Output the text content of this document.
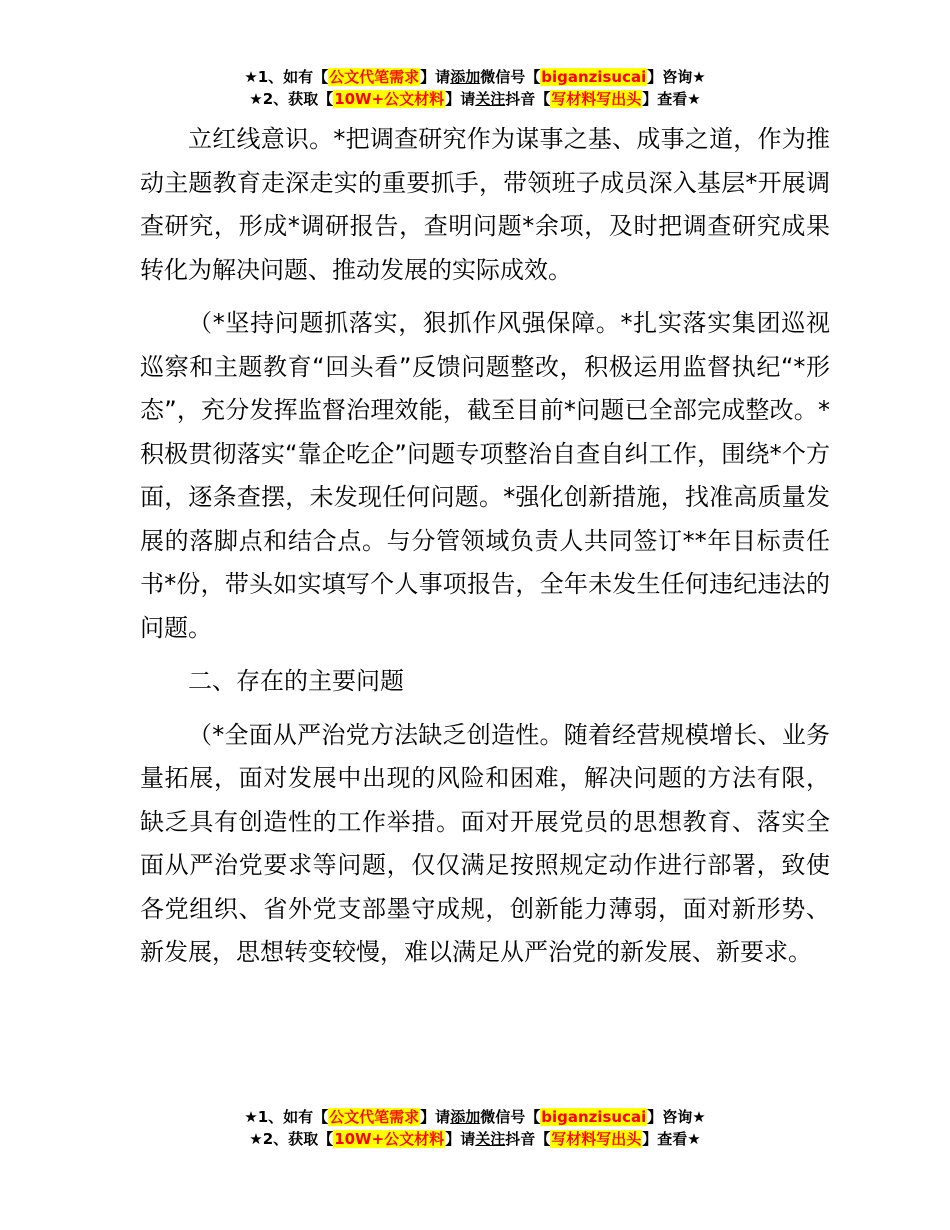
★1、如有【公文代笔需求】请添加微信号【biganzisucai】咨询★
★2、获取【10W+公文材料】请关注抖音【写材料写出头】查看★

立红线意识。*把调查研究作为谋事之基、成事之道，作为推动主题教育走深走实的重要抓手，带领班子成员深入基层*开展调查研究，形成*调研报告，查明问题*余项，及时把调查研究成果转化为解决问题、推动发展的实际成效。

（*坚持问题抓落实，狠抓作风强保障。*扎实落实集团巡视巡察和主题教育“回头看”反馈问题整改，积极运用监督执纪“*形态”，充分发挥监督治理效能，截至目前*问题已全部完成整改。*积极贯彻落实“靠企吃企”问题专项整治自查自纠工作，围绕*个方面，逐条查摆，未发现任何问题。*强化创新措施，找准高质量发展的落脚点和结合点。与分管领域负责人共同签订**年目标责任书*份，带头如实填写个人事项报告，全年未发生任何违纪违法的问题。

二、存在的主要问题

（*全面从严治党方法缺乏创造性。随着经营规模增长、业务量拓展，面对发展中出现的风险和困难，解决问题的方法有限，缺乏具有创造性的工作举措。面对开展党员的思想教育、落实全面从严治党要求等问题，仅仅满足按照规定动作进行部署，致使各党组织、省外党支部墨守成规，创新能力薄弱，面对新形势、新发展，思想转变较慢，难以满足从严治党的新发展、新要求。

★1、如有【公文代笔需求】请添加微信号【biganzisucai】咨询★
★2、获取【10W+公文材料】请关注抖音【写材料写出头】查看★
